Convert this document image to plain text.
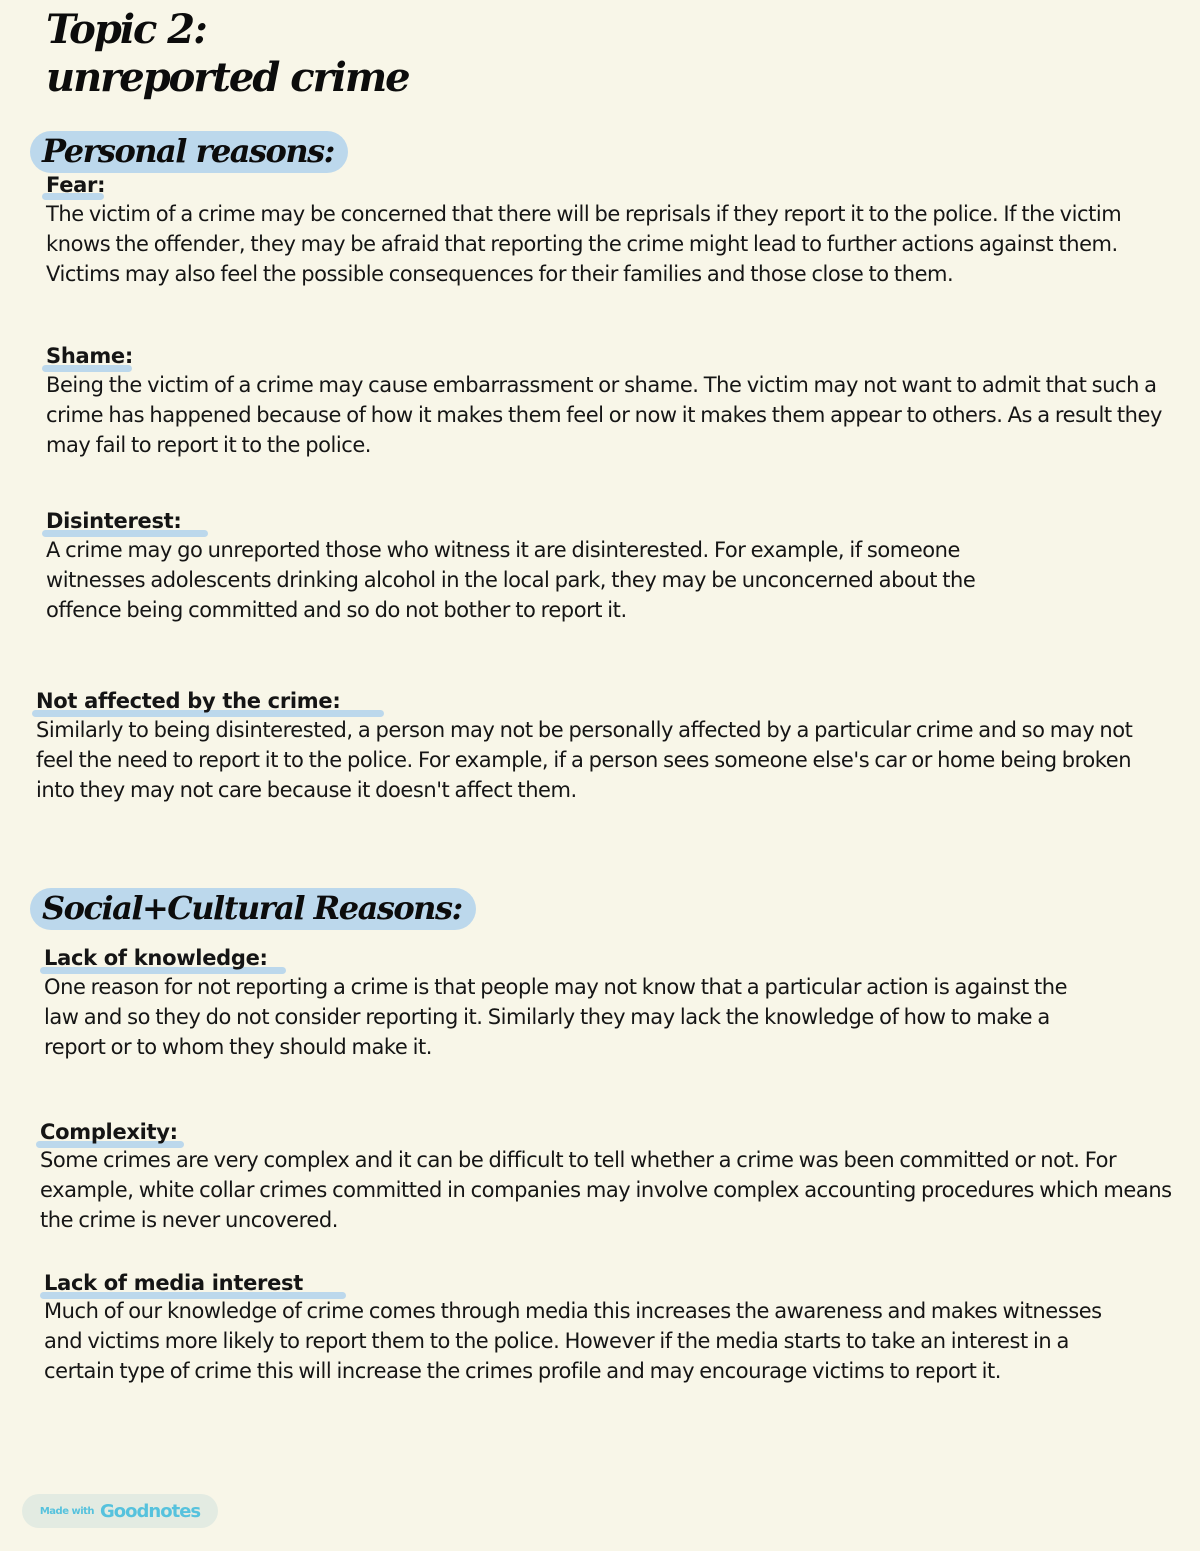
Topic 2:
unreported crime
Personal reasons:
Fear:

The victim of a crime may be concerned that there will be reprisals if they report it to the police. If the victim knows the offender, they may be afraid that reporting the crime might lead to further actions against them. Victims may also feel the possible consequences for their families and those close to them.

Shame:

Being the victim of a crime may cause embarrassment or shame. The victim may not want to admit that such a crime has happened because of how it makes them feel or now it makes them appear to others. As a result they may fail to report it to the police.

Disinterest:

A crime may go unreported those who witness it are disinterested. For example, if someone witnesses adolescents drinking alcohol in the local park, they may be unconcerned about the offence being committed and so do not bother to report it.

Not affected by the crime:

Similarly to being disinterested, a person may not be personally affected by a particular crime and so may not feel the need to report it to the police. For example, if a person sees someone else's car or home being broken into they may not care because it doesn't affect them.

Social+Cultural Reasons:
Lack of knowledge:

One reason for not reporting a crime is that people may not know that a particular action is against the law and so they do not consider reporting it. Similarly they may lack the knowledge of how to make a report or to whom they should make it.

Complexity:

Some crimes are very complex and it can be difficult to tell whether a crime was been committed or not. For example, white collar crimes committed in companies may involve complex accounting procedures which means the crime is never uncovered.

Lack of media interest

Much of our knowledge of crime comes through media this increases the awareness and makes witnesses and victims more likely to report them to the police. However if the media starts to take an interest in a certain type of crime this will increase the crimes profile and may encourage victims to report it.

Made with Goodnotes
